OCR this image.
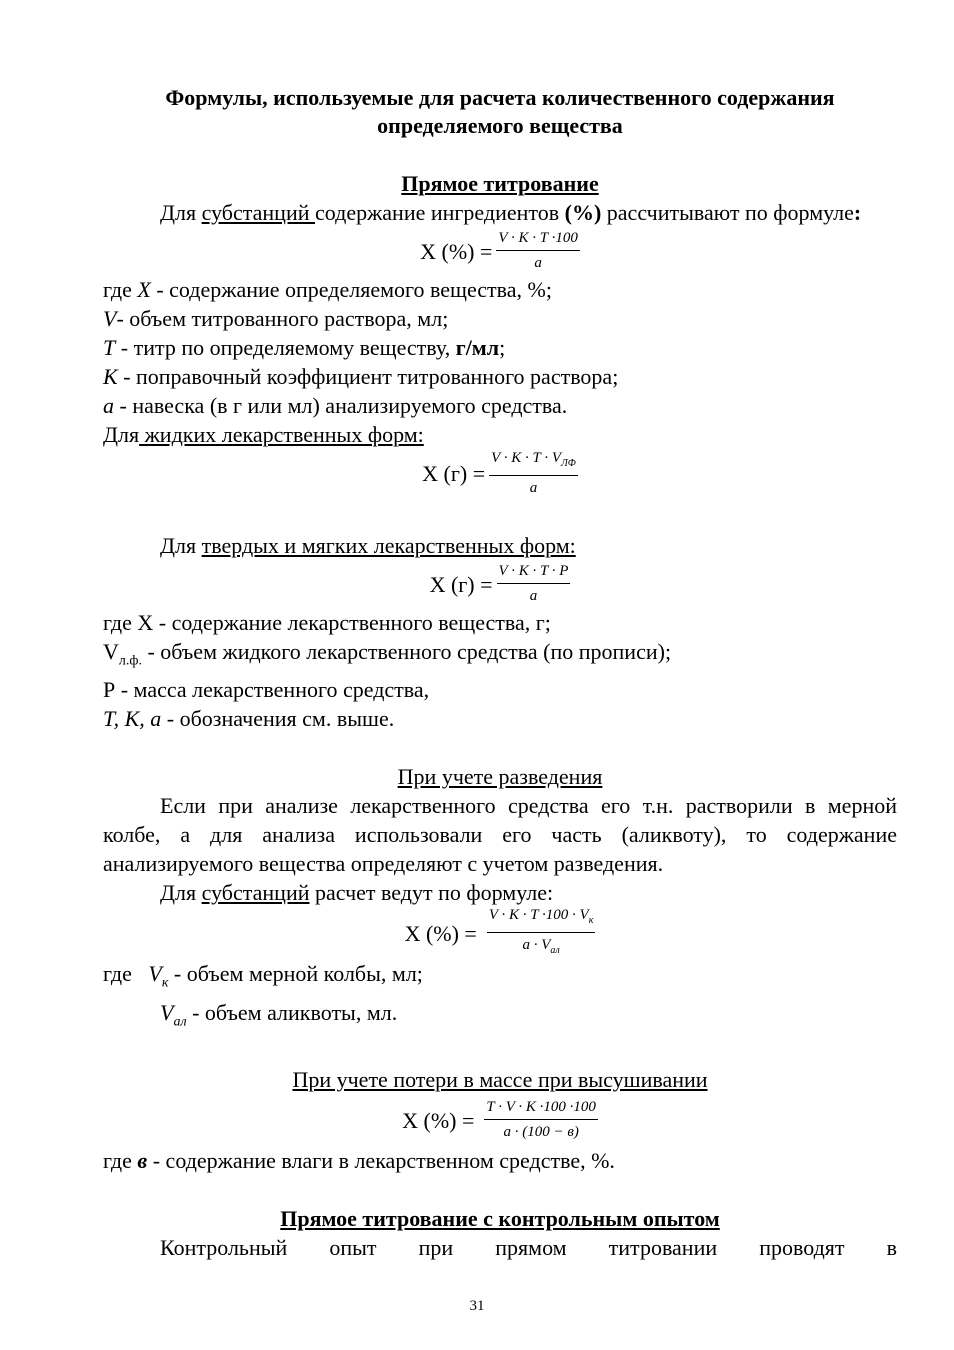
Формулы, используемые для расчета количественного содержания
определяемого вещества

Прямое титрование

Для субстанций содержание ингредиентов (%) рассчитывают по формуле:

X (%) = $\frac{V \cdot K \cdot T \cdot 100}{a}$

где X - содержание определяемого вещества, %;

V- объем титрованного раствора, мл;

T - титр по определяемому веществу, г/мл;

K - поправочный коэффициент титрованного раствора;

a - навеска (в г или мл) анализируемого средства.

Для жидких лекарственных форм:

X $(г) = \frac{V \cdot K \cdot T \cdot V_{ЛФ}}{a}$

Для твердых и мягких лекарственных форм:

X $(г) = \frac{V \cdot K \cdot T \cdot P}{a}$

где X - содержание лекарственного вещества, г;

$V_{л.ф.}$ - объем жидкого лекарственного средства (по прописи);

Р - масса лекарственного средства,

T, K, a - обозначения см. выше.

При учете разведения

Если при анализе лекарственного средства его т.н. растворили в мерной колбе, а для анализа использовали его часть (аликвоту), то содержание анализируемого вещества определяют с учетом разведения.

Для субстанций расчет ведут по формуле:

X (%) = $\frac{V \cdot K \cdot T \cdot 100 \cdot V_к}{a \cdot V_{ал}}$

где   $V_к$ - объем мерной колбы, мл;

$V_{ал}$ - объем аликвоты, мл.

При учете потери в массе при высушивании

X (%) = $\frac{T \cdot V \cdot K \cdot 100 \cdot 100}{a \cdot (100 - в)}$

где в - содержание влаги в лекарственном средстве, %.

Прямое титрование с контрольным опытом

Контрольный опыт при прямом титровании проводят в

31
